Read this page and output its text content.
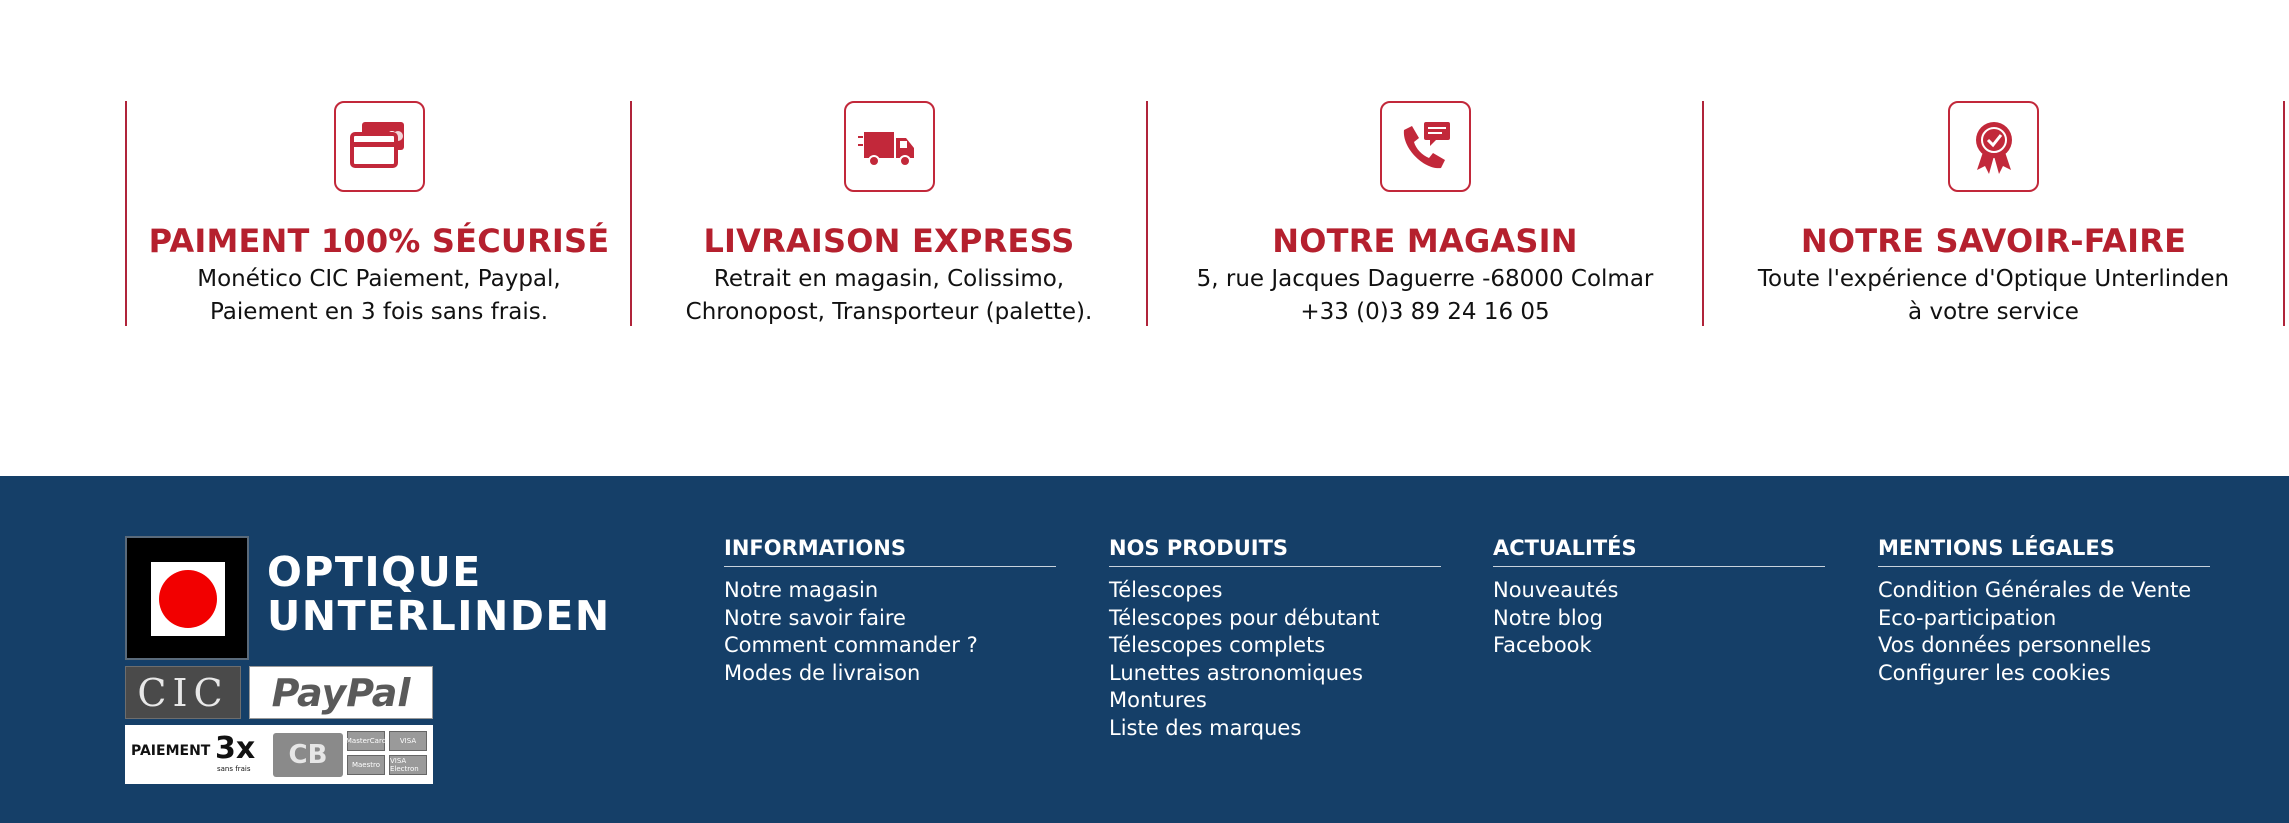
PAIMENT 100% SÉCURISÉ
Monético CIC Paiement, Paypal,
Paiement en 3 fois sans frais.
LIVRAISON EXPRESS
Retrait en magasin, Colissimo,
Chronopost, Transporteur (palette).
NOTRE MAGASIN
5, rue Jacques Daguerre -68000 Colmar
+33 (0)3 89 24 16 05
NOTRE SAVOIR-FAIRE
Toute l'expérience d'Optique Unterlinden
à votre service
OPTIQUE
UNTERLINDEN
CIC PayPal
PAIEMENT 3x
sans frais CB	MasterCard	VISA
Maestro	VISA Electron
INFORMATIONS
Notre magasin
Notre savoir faire
Comment commander ?
Modes de livraison
NOS PRODUITS
Télescopes
Télescopes pour débutant
Télescopes complets
Lunettes astronomiques
Montures
Liste des marques
ACTUALITÉS
Nouveautés
Notre blog
Facebook
MENTIONS LÉGALES
Condition Générales de Vente
Eco-participation
Vos données personnelles
Configurer les cookies
